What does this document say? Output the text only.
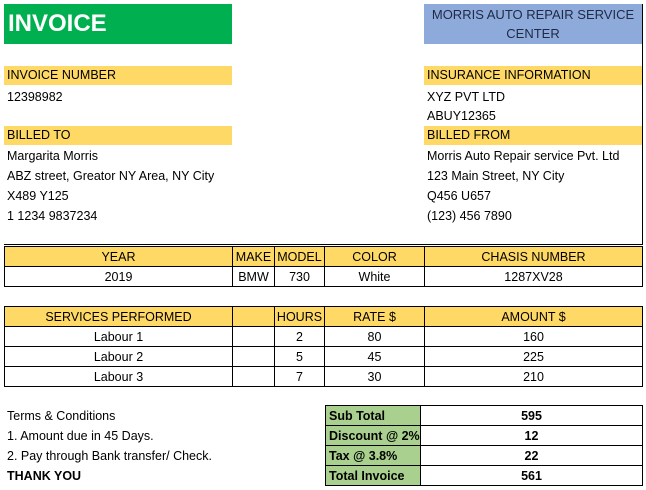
INVOICE	MORRIS AUTO REPAIR SERVICE CENTER
INVOICE NUMBER
12398982
INSURANCE INFORMATION
XYZ PVT LTD
ABUY12365
BILLED TO
Margarita Morris
ABZ street, Greator NY Area, NY City
X489 Y125
1 1234 9837234
BILLED FROM
Morris Auto Repair service Pvt. Ltd
123 Main Street, NY City
Q456 U657
(123) 456 7890
YEAR	MAKE	MODEL	COLOR	CHASIS NUMBER
2019	BMW	730	White	1287XV28
SERVICES PERFORMED		HOURS	RATE $	AMOUNT $
Labour 1		2	80	160
Labour 2		5	45	225
Labour 3		7	30	210
Terms & Conditions
1. Amount due in 45 Days.
2. Pay through Bank transfer/ Check.
THANK YOU
Sub Total	595
Discount @ 2%	12
Tax @ 3.8%	22
Total Invoice	561
